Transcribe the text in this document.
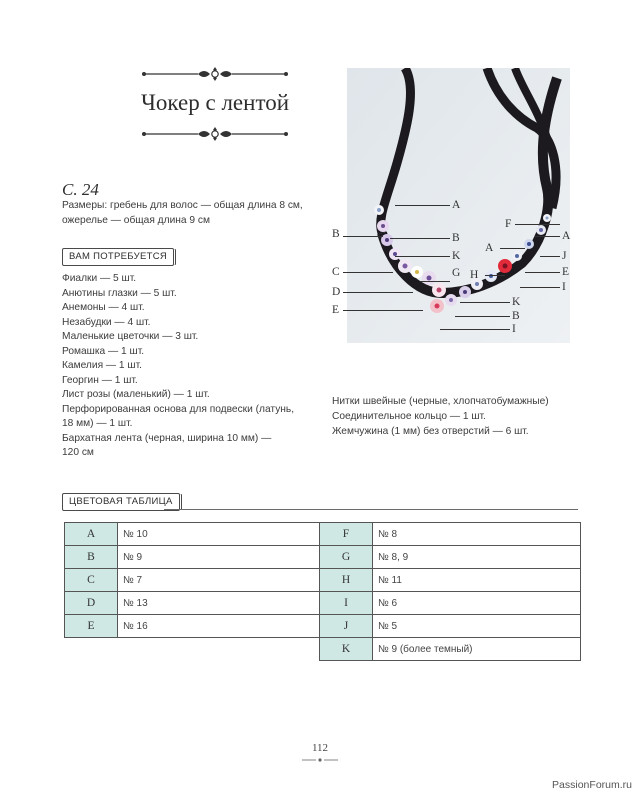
Чокер с лентой
С. 24
Размеры: гребень для волос — общая длина 8 см, ожерелье — общая длина 9 см
ВАМ ПОТРЕБУЕТСЯ
Фиалки — 5 шт.
Анютины глазки — 5 шт.
Анемоны — 4 шт.
Незабудки — 4 шт.
Маленькие цветочки — 3 шт.
Ромашка — 1 шт.
Камелия — 1 шт.
Георгин — 1 шт.
Лист розы (маленький) — 1 шт.
Перфорированная основа для подвески (латунь,
18 мм) — 1 шт.
Бархатная лента (черная, ширина 10 мм) —
120 см
Нитки швейные (черные, хлопчатобумажные)
Соединительное кольцо — 1 шт.
Жемчужина (1 мм) без отверстий — 6 шт.
B
C
D
E
A
B
K
G H
K
B
I
F
A
A
J
E
I
ЦВЕТОВАЯ ТАБЛИЦА
A	№ 10
B	№ 9
C	№ 7
D	№ 13
E	№ 16
F	№ 8
G	№ 8, 9
H	№ 11
I	№ 6
J	№ 5
K	№ 9 (более темный)
112
PassionForum.ru
